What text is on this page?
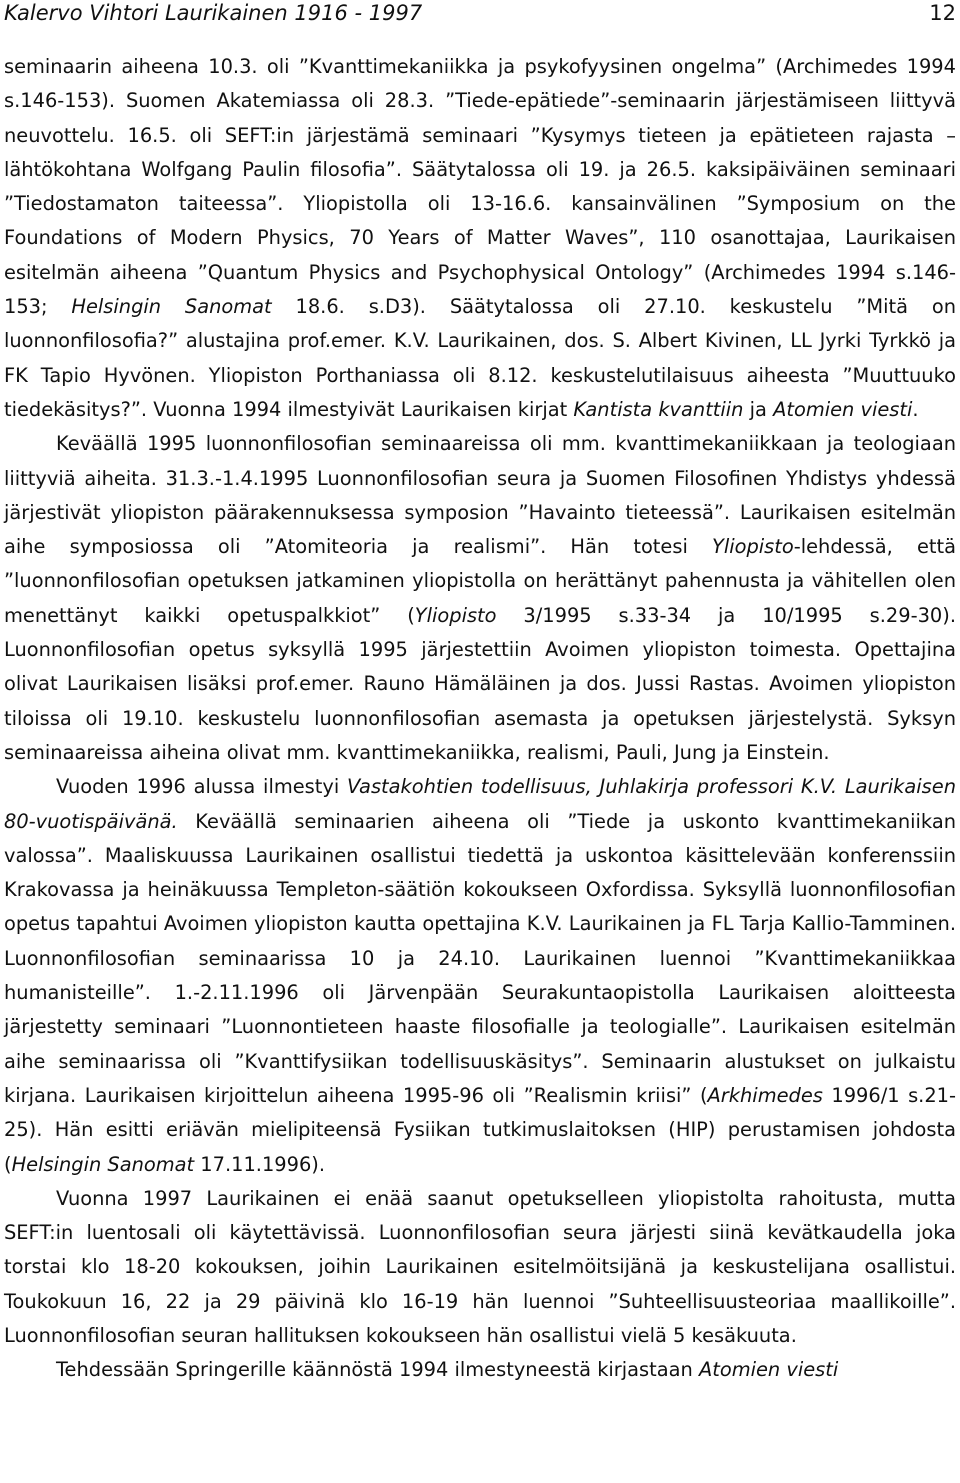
Kalervo Vihtori Laurikainen 1916 - 1997	12

seminaarin aiheena 10.3. oli ”Kvanttimekaniikka ja psykofyysinen ongelma” (Archimedes 1994 s.146-153). Suomen Akatemiassa oli 28.3. ”Tiede-epätiede”-seminaarin järjestämiseen liittyvä neuvottelu. 16.5. oli SEFT:in järjestämä seminaari ”Kysymys tieteen ja epätieteen rajasta – lähtökohtana Wolfgang Paulin filosofia”. Säätytalossa oli 19. ja 26.5. kaksipäiväinen seminaari ”Tiedostamaton taiteessa”. Yliopistolla oli 13-16.6. kansainvälinen ”Symposium on the Foundations of Modern Physics, 70 Years of Matter Waves”, 110 osanottajaa, Laurikaisen esitelmän aiheena ”Quantum Physics and Psychophysical Ontology” (Archimedes 1994 s.146-153; Helsingin Sanomat 18.6. s.D3). Säätytalossa oli 27.10. keskustelu ”Mitä on luonnonfilosofia?” alustajina prof.emer. K.V. Laurikainen, dos. S. Albert Kivinen, LL Jyrki Tyrkkö ja FK Tapio Hyvönen. Yliopiston Porthaniassa oli 8.12. keskustelutilaisuus aiheesta ”Muuttuuko tiedekäsitys?”. Vuonna 1994 ilmestyivät Laurikaisen kirjat Kantista kvanttiin ja Atomien viesti.

Keväällä 1995 luonnonfilosofian seminaareissa oli mm. kvanttimekaniikkaan ja teologiaan liittyviä aiheita. 31.3.-1.4.1995 Luonnonfilosofian seura ja Suomen Filosofinen Yhdistys yhdessä järjestivät yliopiston päärakennuksessa symposion ”Havainto tieteessä”. Laurikaisen esitelmän aihe symposiossa oli ”Atomiteoria ja realismi”. Hän totesi Yliopisto-lehdessä, että ”luonnonfilosofian opetuksen jatkaminen yliopistolla on herättänyt pahennusta ja vähitellen olen menettänyt kaikki opetuspalkkiot” (Yliopisto 3/1995 s.33-34 ja 10/1995 s.29-30). Luonnonfilosofian opetus syksyllä 1995 järjestettiin Avoimen yliopiston toimesta. Opettajina olivat Laurikaisen lisäksi prof.emer. Rauno Hämäläinen ja dos. Jussi Rastas. Avoimen yliopiston tiloissa oli 19.10. keskustelu luonnonfilosofian asemasta ja opetuksen järjestelystä. Syksyn seminaareissa aiheina olivat mm. kvanttimekaniikka, realismi, Pauli, Jung ja Einstein.

Vuoden 1996 alussa ilmestyi Vastakohtien todellisuus, Juhlakirja professori K.V. Laurikaisen 80-vuotispäivänä. Keväällä seminaarien aiheena oli ”Tiede ja uskonto kvanttimekaniikan valossa”. Maaliskuussa Laurikainen osallistui tiedettä ja uskontoa käsittelevään konferenssiin Krakovassa ja heinäkuussa Templeton-säätiön kokoukseen Oxfordissa. Syksyllä luonnonfilosofian opetus tapahtui Avoimen yliopiston kautta opettajina K.V. Laurikainen ja FL Tarja Kallio-Tamminen. Luonnonfilosofian seminaarissa 10 ja 24.10. Laurikainen luennoi ”Kvanttimekaniikkaa humanisteille”. 1.-2.11.1996 oli Järvenpään Seurakuntaopistolla Laurikaisen aloitteesta järjestetty seminaari ”Luonnontieteen haaste filosofialle ja teologialle”. Laurikaisen esitelmän aihe seminaarissa oli ”Kvanttifysiikan todellisuuskäsitys”. Seminaarin alustukset on julkaistu kirjana. Laurikaisen kirjoittelun aiheena 1995-96 oli ”Realismin kriisi” (Arkhimedes 1996/1 s.21-25). Hän esitti eriävän mielipiteensä Fysiikan tutkimuslaitoksen (HIP) perustamisen johdosta (Helsingin Sanomat 17.11.1996).

Vuonna 1997 Laurikainen ei enää saanut opetukselleen yliopistolta rahoitusta, mutta SEFT:in luentosali oli käytettävissä. Luonnonfilosofian seura järjesti siinä kevätkaudella joka torstai klo 18-20 kokouksen, joihin Laurikainen esitelmöitsijänä ja keskustelijana osallistui. Toukokuun 16, 22 ja 29 päivinä klo 16-19 hän luennoi ”Suhteellisuusteoriaa maallikoille”. Luonnonfilosofian seuran hallituksen kokoukseen hän osallistui vielä 5 kesäkuuta.

Tehdessään Springerille käännöstä 1994 ilmestyneestä kirjastaan Atomien viesti
